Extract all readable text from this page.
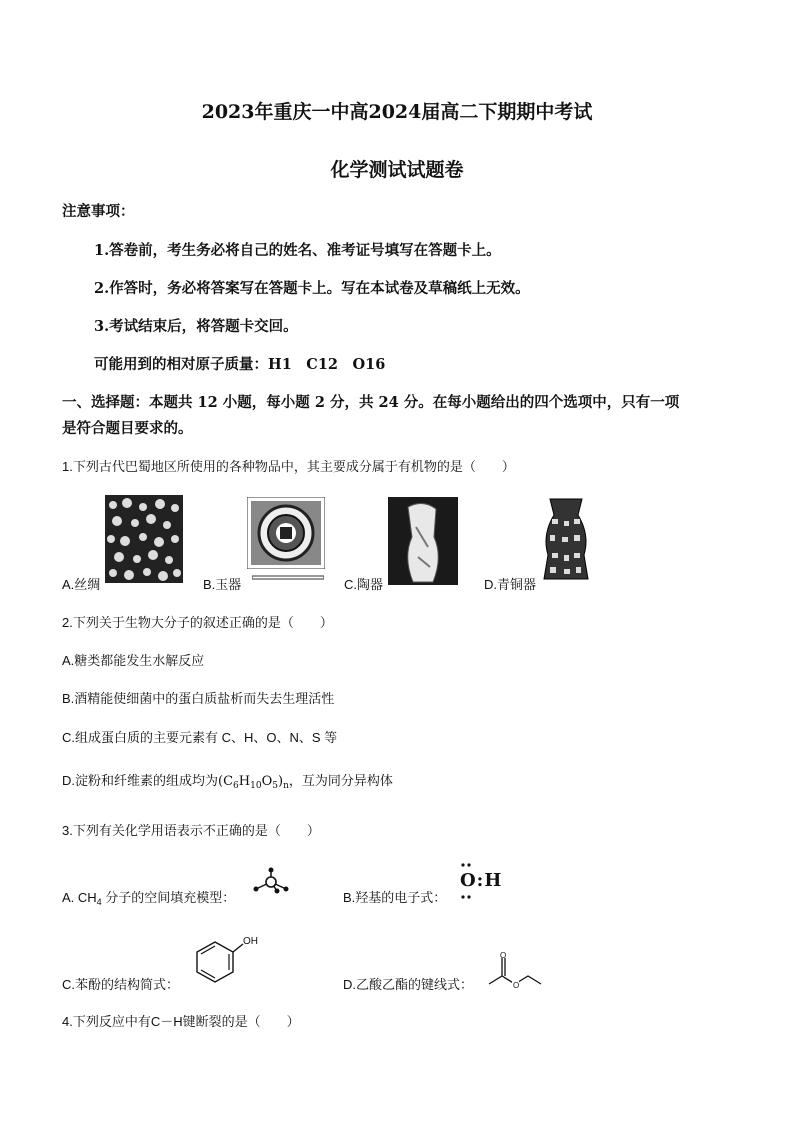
2023年重庆一中高2024届高二下期期中考试
化学测试试题卷
注意事项：
1.答卷前，考生务必将自己的姓名、准考证号填写在答题卡上。
2.作答时，务必将答案写在答题卡上。写在本试卷及草稿纸上无效。
3.考试结束后，将答题卡交回。
可能用到的相对原子质量：H1　C12　O16
一、选择题：本题共 12 小题，每小题 2 分，共 24 分。在每小题给出的四个选项中，只有一项
是符合题目要求的。
1.下列古代巴蜀地区所使用的各种物品中，其主要成分属于有机物的是（　　）
A.丝绸	B.玉器	C.陶器	D.青铜器
2.下列关于生物大分子的叙述正确的是（　　）
A.糖类都能发生水解反应
B.酒精能使细菌中的蛋白质盐析而失去生理活性
C.组成蛋白质的主要元素有 C、H、O、N、S 等
D.淀粉和纤维素的组成均为$(C_6H_{10}O_5)_n$，互为同分异构体
3.下列有关化学用语表示不正确的是（　　）
A. $CH_4$ 分子的空间填充模型：	B.羟基的电子式：
O:H
C.苯酚的结构简式：
OH
D.乙酸乙酯的键线式：
O
O
4.下列反应中有C－H键断裂的是（　　）
